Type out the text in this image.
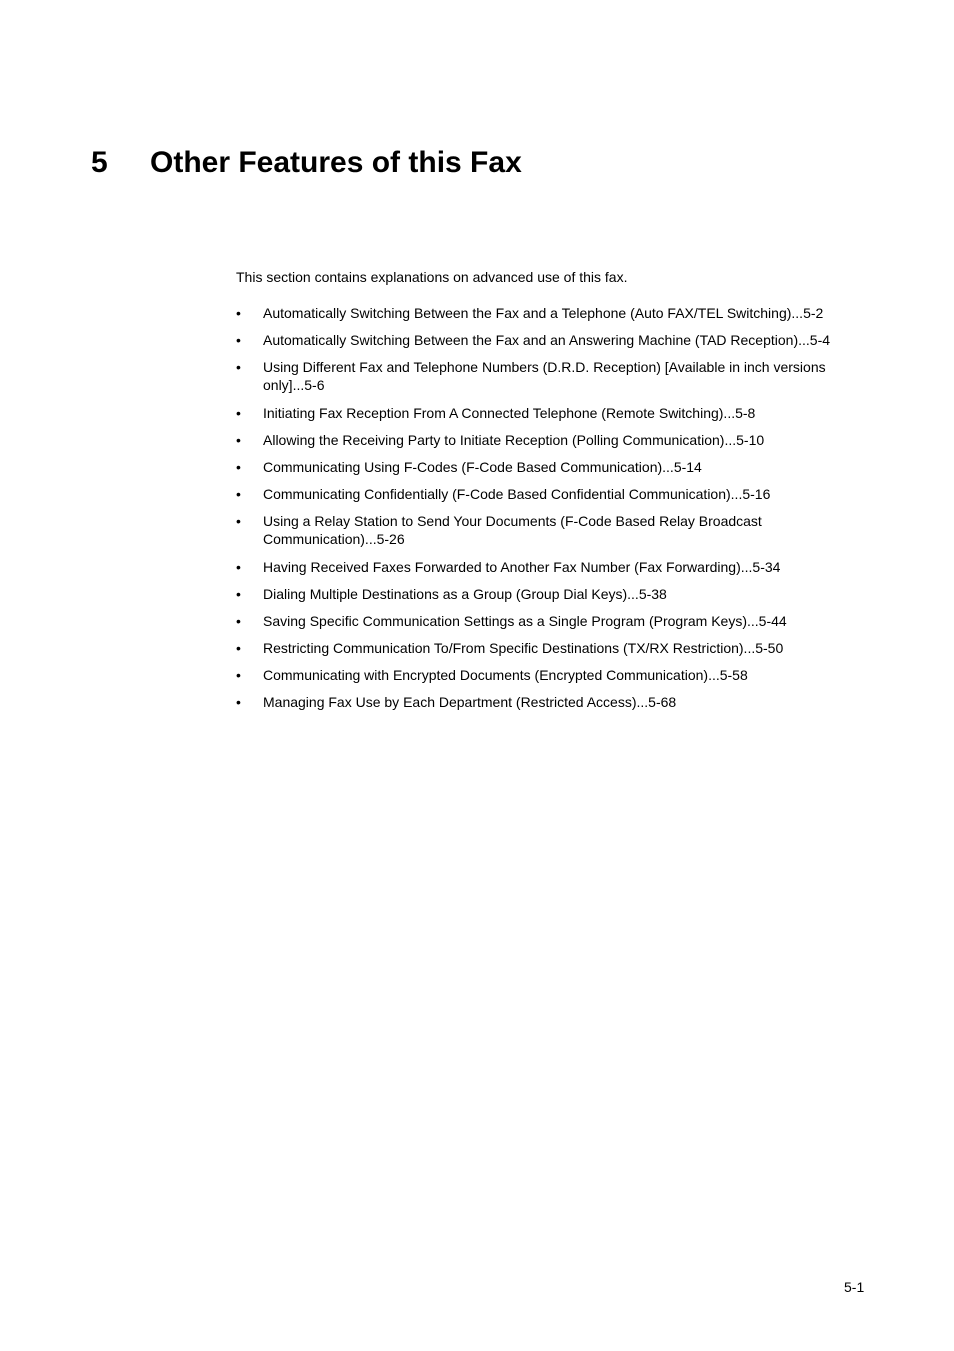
5 Other Features of this Fax

This section contains explanations on advanced use of this fax.

•	Automatically Switching Between the Fax and a Telephone (Auto FAX/TEL Switching)...5-2
•	Automatically Switching Between the Fax and an Answering Machine (TAD Reception)...5-4
•	Using Different Fax and Telephone Numbers (D.R.D. Reception) [Available in inch versions only]...5-6
•	Initiating Fax Reception From A Connected Telephone (Remote Switching)...5-8
•	Allowing the Receiving Party to Initiate Reception (Polling Communication)...5-10
•	Communicating Using F-Codes (F-Code Based Communication)...5-14
•	Communicating Confidentially (F-Code Based Confidential Communication)...5-16
•	Using a Relay Station to Send Your Documents (F-Code Based Relay Broadcast Communication)...5-26
•	Having Received Faxes Forwarded to Another Fax Number (Fax Forwarding)...5-34
•	Dialing Multiple Destinations as a Group (Group Dial Keys)...5-38
•	Saving Specific Communication Settings as a Single Program (Program Keys)...5-44
•	Restricting Communication To/From Specific Destinations (TX/RX Restriction)...5-50
•	Communicating with Encrypted Documents (Encrypted Communication)...5-58
•	Managing Fax Use by Each Department (Restricted Access)...5-68
5-1
